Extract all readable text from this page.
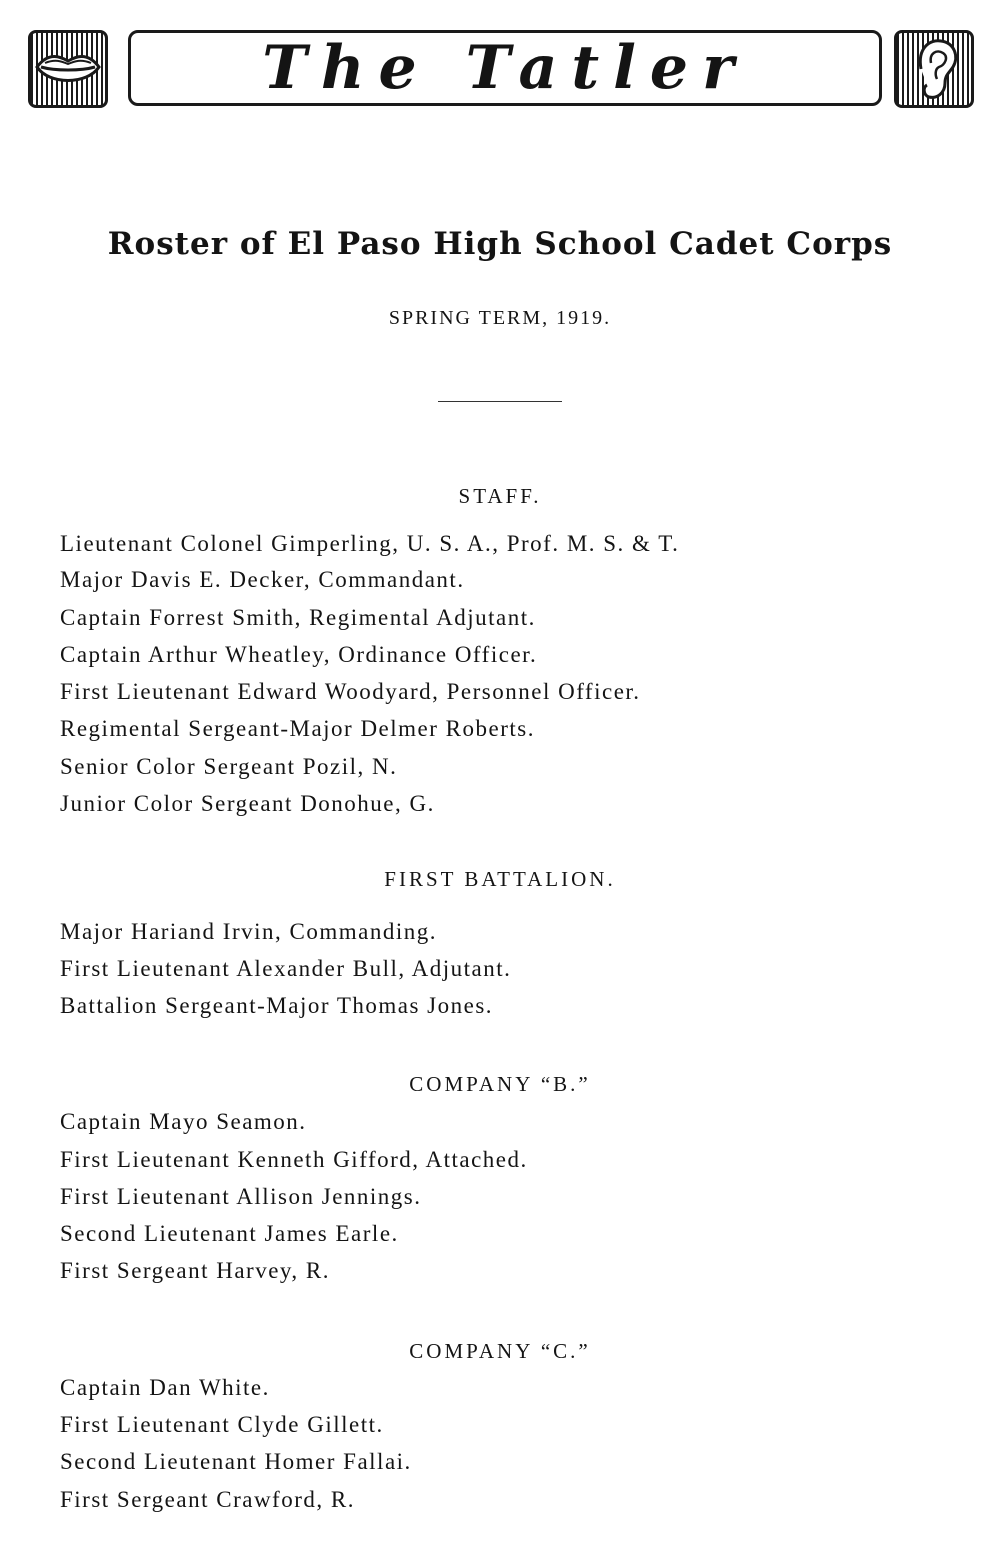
The Tatler
Roster of El Paso High School Cadet Corps
SPRING TERM, 1919.
STAFF.
Lieutenant Colonel Gimperling, U. S. A., Prof. M. S. & T.
Major Davis E. Decker, Commandant.
Captain Forrest Smith, Regimental Adjutant.
Captain Arthur Wheatley, Ordinance Officer.
First Lieutenant Edward Woodyard, Personnel Officer.
Regimental Sergeant-Major Delmer Roberts.
Senior Color Sergeant Pozil, N.
Junior Color Sergeant Donohue, G.
FIRST BATTALION.
Major Hariand Irvin, Commanding.
First Lieutenant Alexander Bull, Adjutant.
Battalion Sergeant-Major Thomas Jones.
COMPANY “B.”
Captain Mayo Seamon.
First Lieutenant Kenneth Gifford, Attached.
First Lieutenant Allison Jennings.
Second Lieutenant James Earle.
First Sergeant Harvey, R.
COMPANY “C.”
Captain Dan White.
First Lieutenant Clyde Gillett.
Second Lieutenant Homer Fallai.
First Sergeant Crawford, R.
